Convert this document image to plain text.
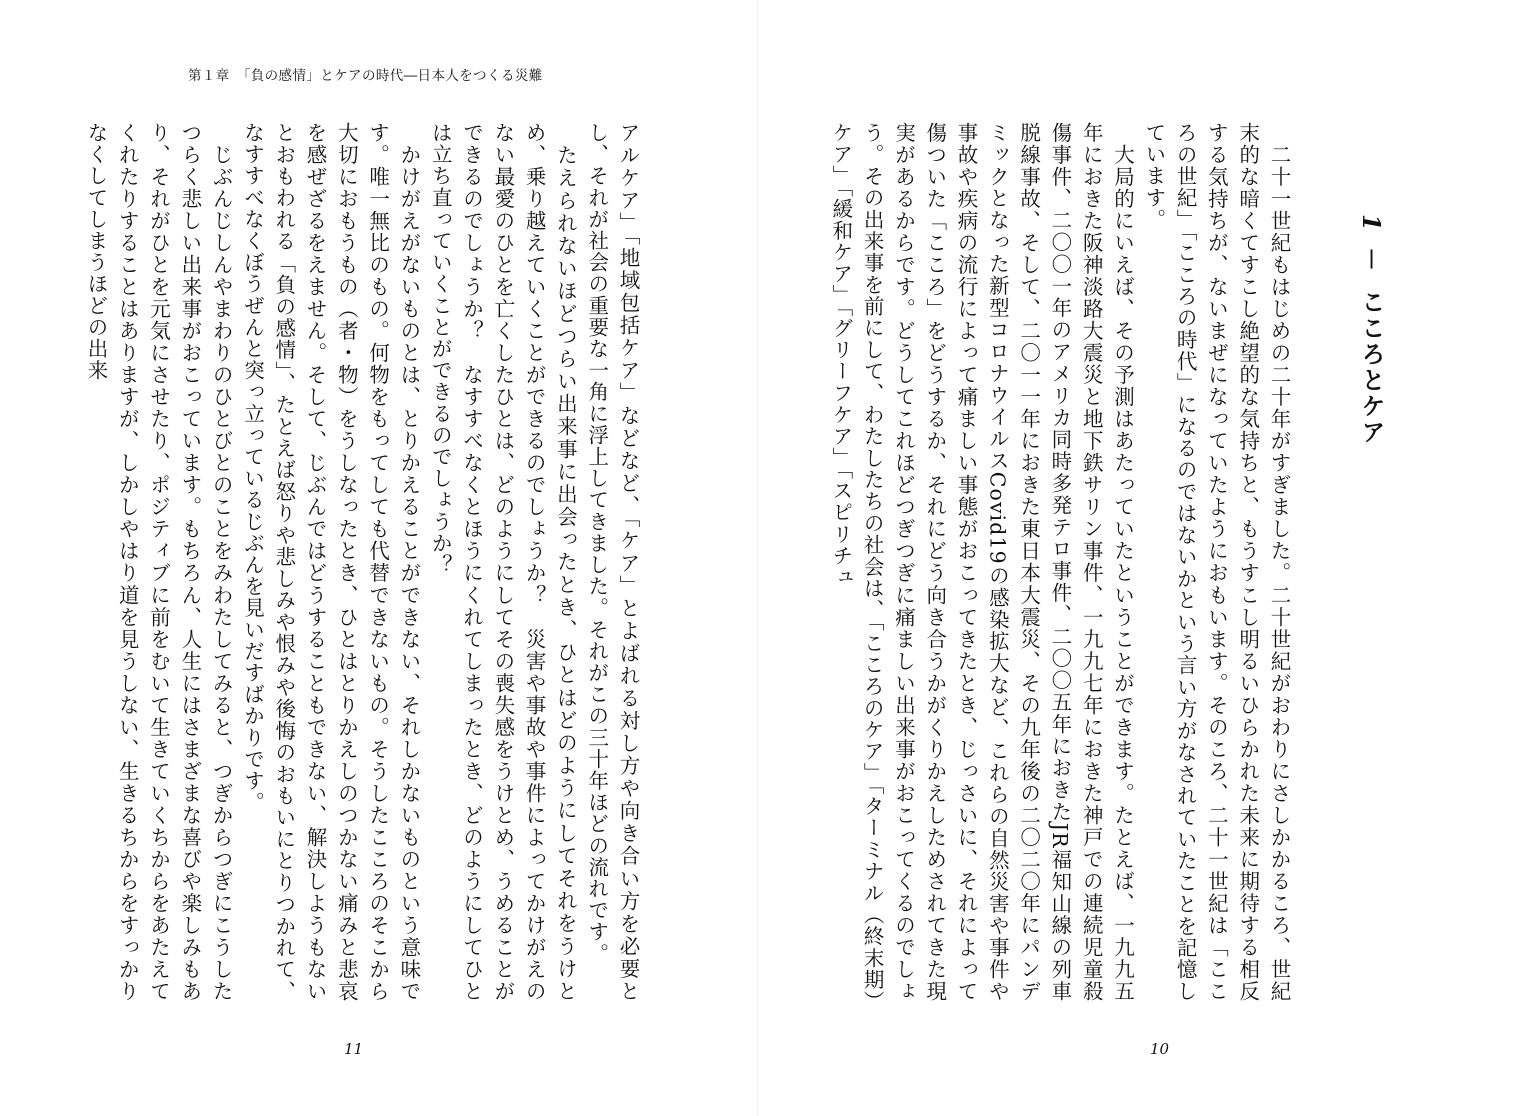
第１章　「負の感情」とケアの時代―日本人をつくる災難
1 － こころとケア
　二十一世紀もはじめの二十年がすぎました。二十世紀がおわりにさしかかるころ、世紀末的な暗くてすこし絶望的な気持ちと、もうすこし明るいひらかれた未来に期待する相反する気持ちが、ないまぜになっていたようにおもいます。そのころ、二十一世紀は「こころの世紀」「こころの時代」になるのではないかという言い方がなされていたことを記憶しています。
　大局的にいえば、その予測はあたっていたということができます。たとえば、一九九五年におきた阪神淡路大震災と地下鉄サリン事件、一九九七年におきた神戸での連続児童殺傷事件、二〇〇一年のアメリカ同時多発テロ事件、二〇〇五年におきたJR福知山線の列車脱線事故、そして、二〇一一年におきた東日本大震災、その九年後の二〇二〇年にパンデミックとなった新型コロナウイルスCovid19の感染拡大など、これらの自然災害や事件や事故や疾病の流行によって痛ましい事態がおこってきたとき、じっさいに、それによって傷ついた「こころ」をどうするか、それにどう向き合うかがくりかえしためされてきた現実があるからです。どうしてこれほどつぎつぎに痛ましい出来事がおこってくるのでしょう。その出来事を前にして、わたしたちの社会は、「こころのケア」「ターミナル（終末期）ケア」「緩和ケア」「グリーフケア」「スピリチュ
アルケア」「地域包括ケア」などなど、「ケア」とよばれる対し方や向き合い方を必要とし、それが社会の重要な一角に浮上してきました。それがこの三十年ほどの流れです。
　たえられないほどつらい出来事に出会ったとき、ひとはどのようにしてそれをうけとめ、乗り越えていくことができるのでしょうか？　災害や事故や事件によってかけがえのない最愛のひとを亡くしたひとは、どのようにしてその喪失感をうけとめ、うめることができるのでしょうか？　なすすべなくとほうにくれてしまったとき、どのようにしてひとは立ち直っていくことができるのでしょうか？
　かけがえがないものとは、とりかえることができない、それしかないものという意味です。唯一無比のもの。何物をもってしても代替できないもの。そうしたこころのそこから大切におもうもの（者・物）をうしなったとき、ひとはとりかえしのつかない痛みと悲哀を感ぜざるをえません。そして、じぶんではどうすることもできない、解決しようもないとおもわれる「負の感情」、たとえば怒りや悲しみや恨みや後悔のおもいにとりつかれて、なすすべなくぼうぜんと突っ立っているじぶんを見いだすばかりです。
　じぶんじしんやまわりのひとびとのことをみわたしてみると、つぎからつぎにこうしたつらく悲しい出来事がおこっています。もちろん、人生にはさまざまな喜びや楽しみもあり、それがひとを元気にさせたり、ポジティブに前をむいて生きていくちからをあたえてくれたりすることはありますが、しかしやはり道を見うしない、生きるちからをすっかりなくしてしまうほどの出来
11	10
